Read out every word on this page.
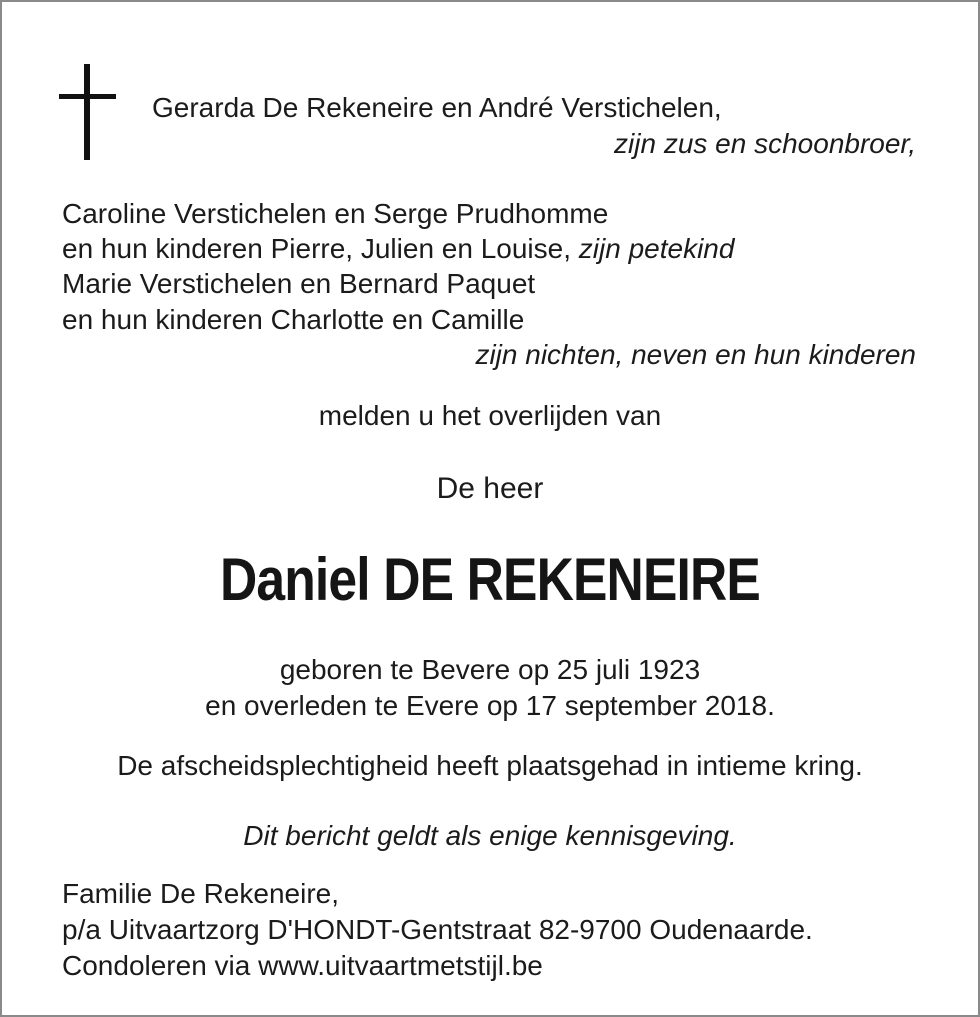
Gerarda De Rekeneire en André Verstichelen,
zijn zus en schoonbroer,
Caroline Verstichelen en Serge Prudhomme
en hun kinderen Pierre, Julien en Louise, zijn petekind
Marie Verstichelen en Bernard Paquet
en hun kinderen Charlotte en Camille
zijn nichten, neven en hun kinderen
melden u het overlijden van
De heer
Daniel DE REKENEIRE
geboren te Bevere op 25 juli 1923
en overleden te Evere op 17 september 2018.
De afscheidsplechtigheid heeft plaatsgehad in intieme kring.
Dit bericht geldt als enige kennisgeving.
Familie De Rekeneire,
p/a Uitvaartzorg D'HONDT-Gentstraat 82-9700 Oudenaarde.
Condoleren via www.uitvaartmetstijl.be
